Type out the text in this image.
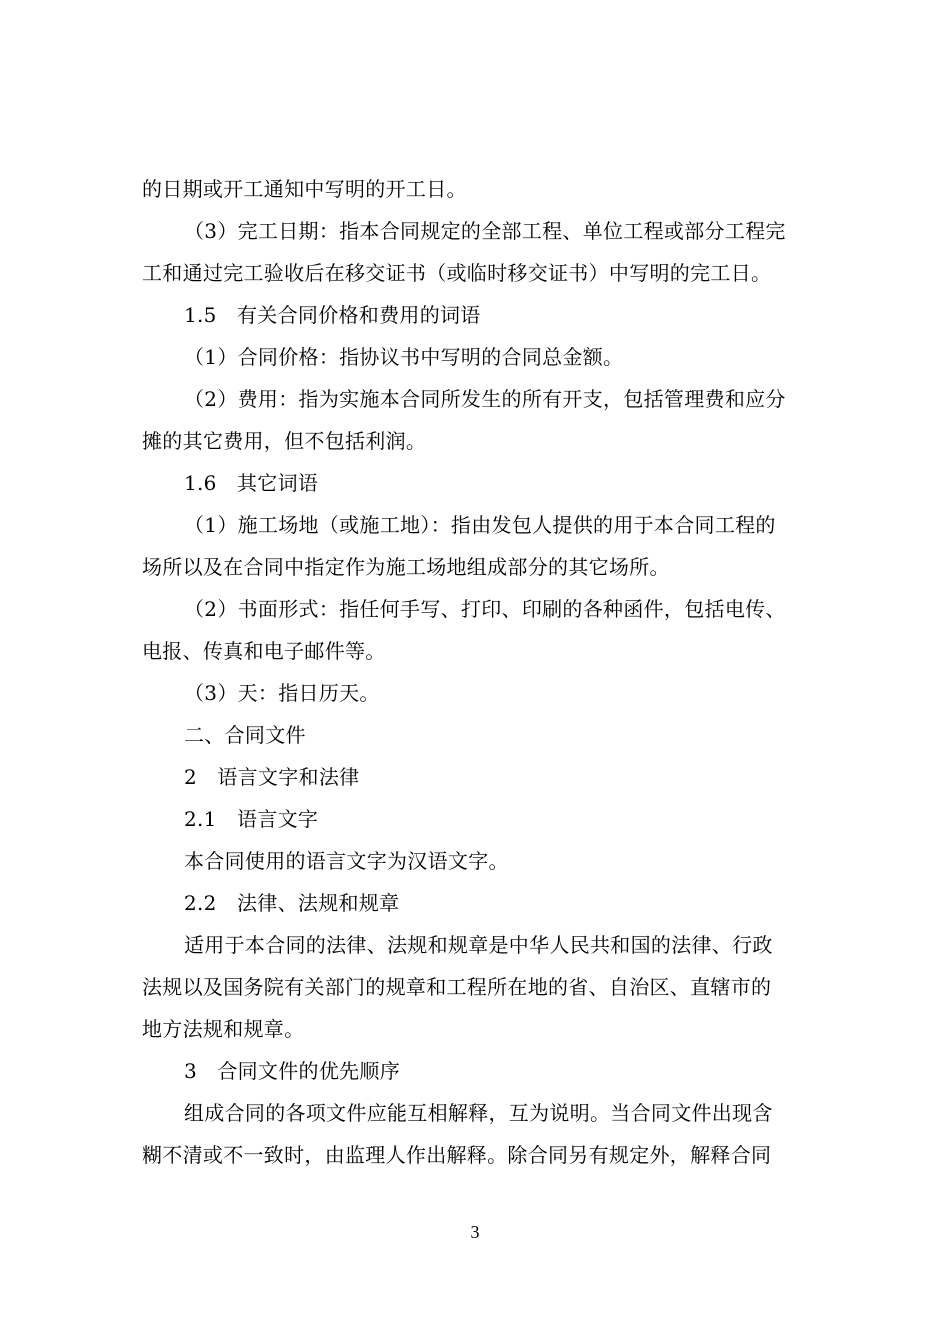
的日期或开工通知中写明的开工日。
（3）完工日期：指本合同规定的全部工程、单位工程或部分工程完
工和通过完工验收后在移交证书（或临时移交证书）中写明的完工日。
1.5　有关合同价格和费用的词语
（1）合同价格：指协议书中写明的合同总金额。
（2）费用：指为实施本合同所发生的所有开支，包括管理费和应分
摊的其它费用，但不包括利润。
1.6　其它词语
（1）施工场地（或施工地）：指由发包人提供的用于本合同工程的
场所以及在合同中指定作为施工场地组成部分的其它场所。
（2）书面形式：指任何手写、打印、印刷的各种函件，包括电传、
电报、传真和电子邮件等。
（3）天：指日历天。
二、合同文件
2　语言文字和法律
2.1　语言文字
本合同使用的语言文字为汉语文字。
2.2　法律、法规和规章
适用于本合同的法律、法规和规章是中华人民共和国的法律、行政
法规以及国务院有关部门的规章和工程所在地的省、自治区、直辖市的
地方法规和规章。
3　合同文件的优先顺序
组成合同的各项文件应能互相解释，互为说明。当合同文件出现含
糊不清或不一致时，由监理人作出解释。除合同另有规定外，解释合同
3
